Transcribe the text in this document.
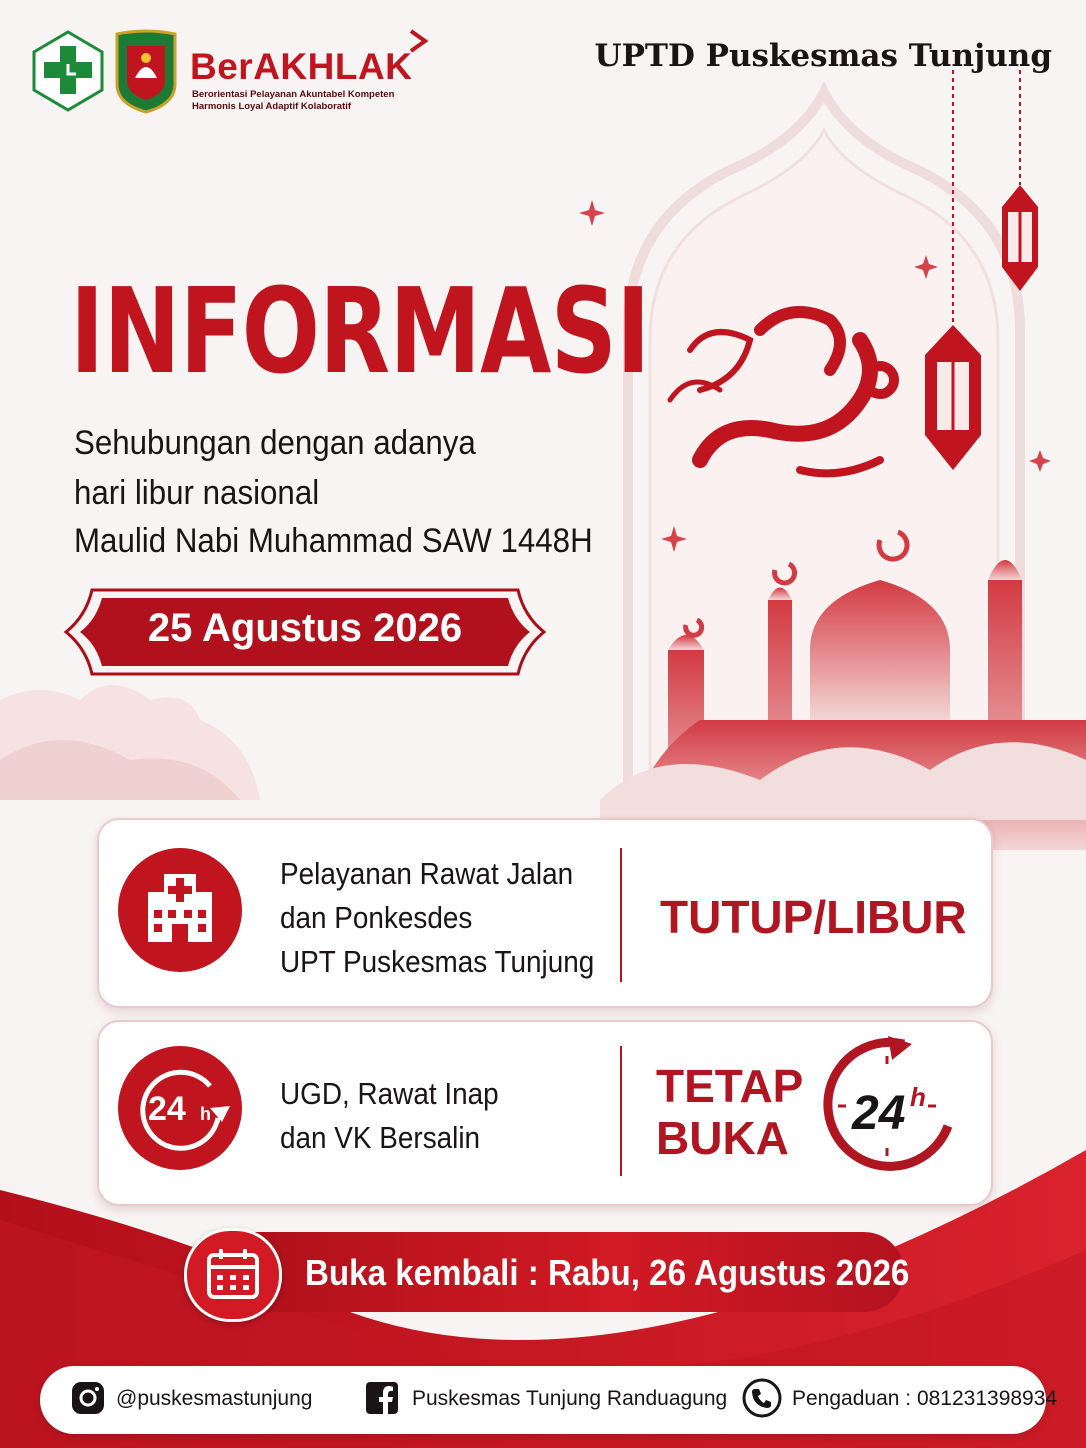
BerAKHLAK
Berorientasi Pelayanan Akuntabel Kompeten
Harmonis Loyal Adaptif Kolaboratif
UPTD Puskesmas Tunjung
INFORMASI
Sehubungan dengan adanya
hari libur nasional
Maulid Nabi Muhammad SAW 1448H
25 Agustus 2026
Pelayanan Rawat Jalan
dan Ponkesdes
UPT Puskesmas Tunjung
TUTUP/LIBUR
24 h
UGD, Rawat Inap
dan VK Bersalin
TETAP
BUKA	24 h
Buka kembali : Rabu, 26 Agustus 2026
@puskesmastunjung	Puskesmas Tunjung Randuagung	Pengaduan : 081231398934
